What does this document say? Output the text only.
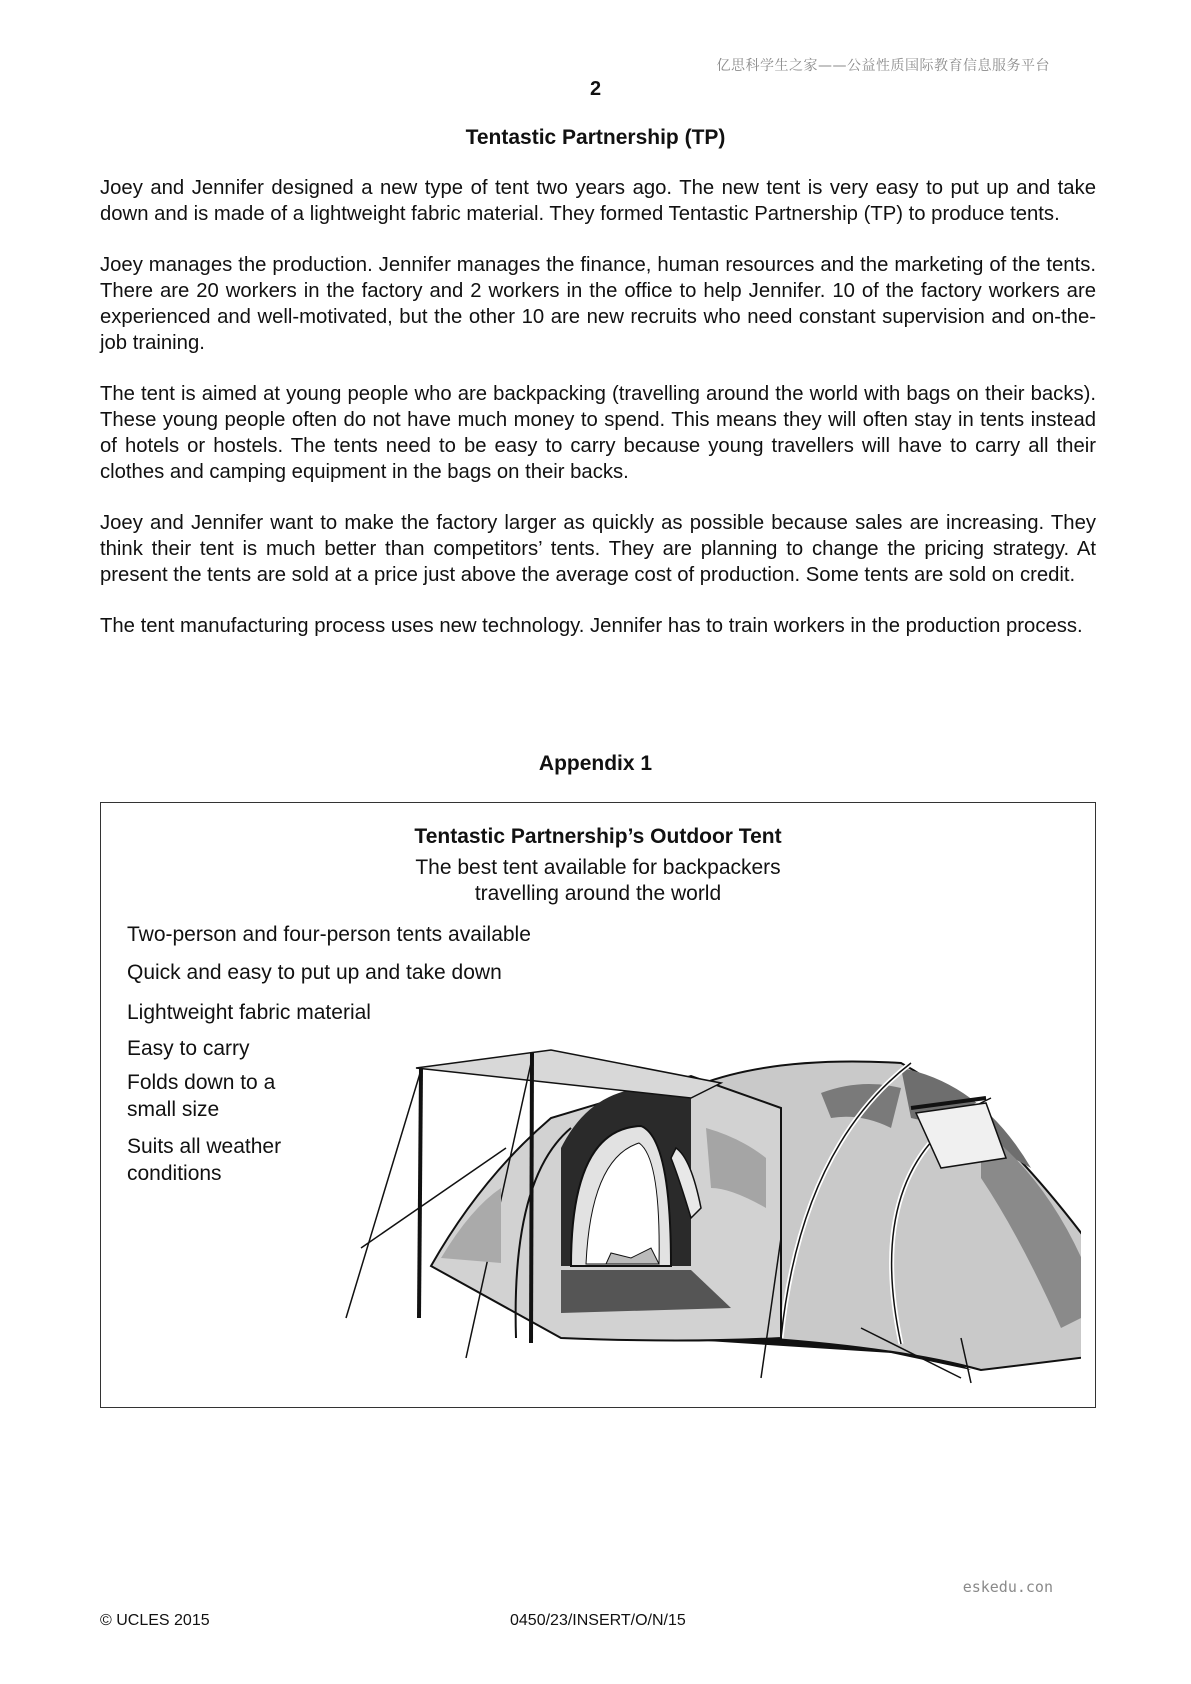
亿思科学生之家——公益性质国际教育信息服务平台
2
Tentastic Partnership (TP)

Joey and Jennifer designed a new type of tent two years ago. The new tent is very easy to put up and take down and is made of a lightweight fabric material. They formed Tentastic Partnership (TP) to produce tents.

Joey manages the production. Jennifer manages the finance, human resources and the marketing of the tents. There are 20 workers in the factory and 2 workers in the office to help Jennifer. 10 of the factory workers are experienced and well-motivated, but the other 10 are new recruits who need constant supervision and on-the-job training.

The tent is aimed at young people who are backpacking (travelling around the world with bags on their backs). These young people often do not have much money to spend. This means they will often stay in tents instead of hotels or hostels. The tents need to be easy to carry because young travellers will have to carry all their clothes and camping equipment in the bags on their backs.

Joey and Jennifer want to make the factory larger as quickly as possible because sales are increasing. They think their tent is much better than competitors’ tents. They are planning to change the pricing strategy. At present the tents are sold at a price just above the average cost of production. Some tents are sold on credit.

The tent manufacturing process uses new technology. Jennifer has to train workers in the production process.

Appendix 1
Tentastic Partnership’s Outdoor Tent
The best tent available for backpackers
travelling around the world
Two-person and four-person tents available
Quick and easy to put up and take down
Lightweight fabric material
Easy to carry
Folds down to a
small size
Suits all weather
conditions
eskedu.con
© UCLES 2015	0450/23/INSERT/O/N/15
